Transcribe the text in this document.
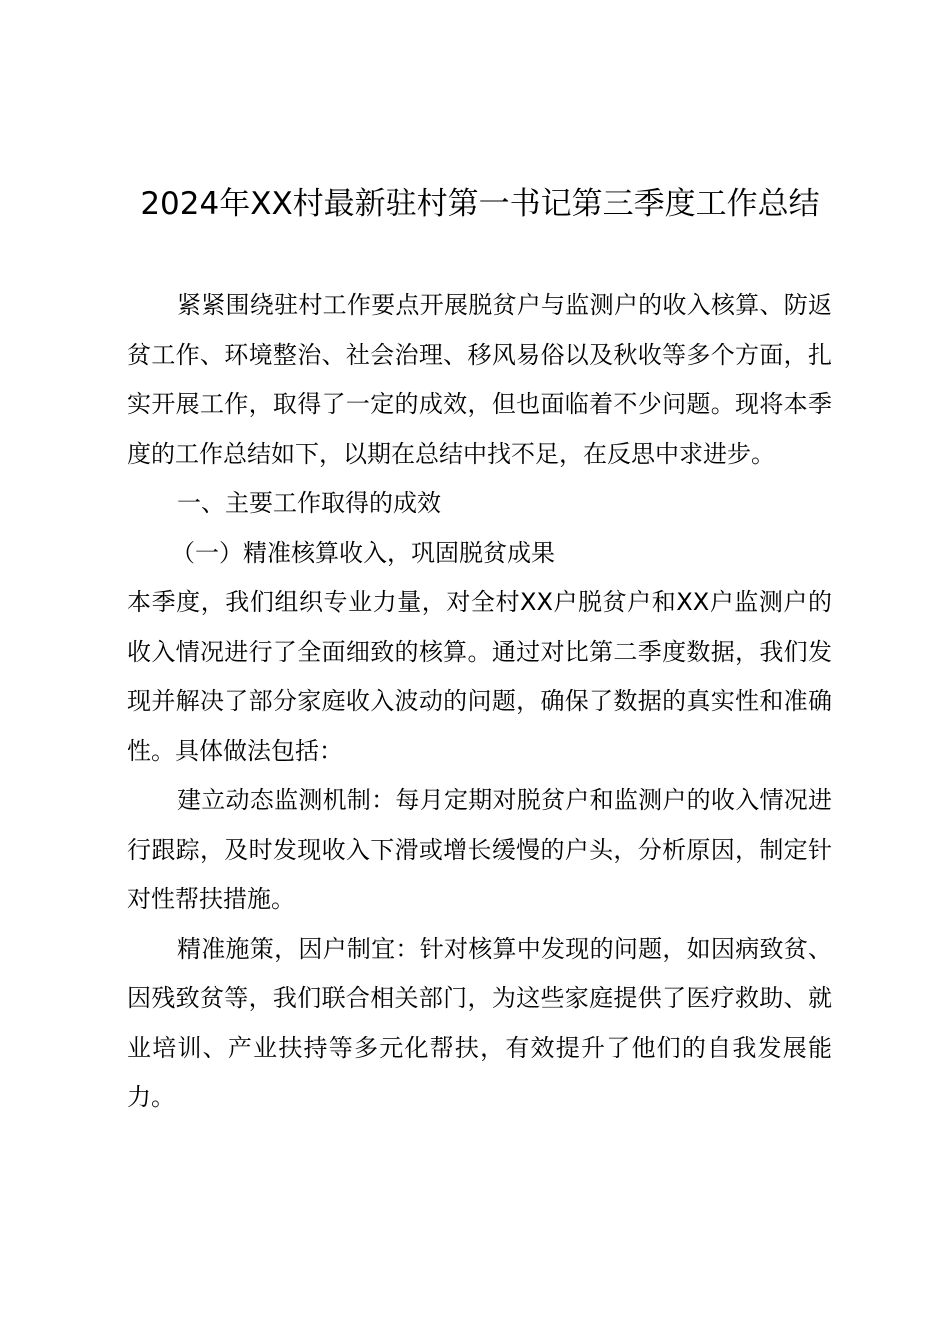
2024年XX村最新驻村第一书记第三季度工作总结

紧紧围绕驻村工作要点开展脱贫户与监测户的收入核算、防返贫工作、环境整治、社会治理、移风易俗以及秋收等多个方面，扎实开展工作，取得了一定的成效，但也面临着不少问题。现将本季度的工作总结如下，以期在总结中找不足，在反思中求进步。

一、主要工作取得的成效

（一）精准核算收入，巩固脱贫成果

本季度，我们组织专业力量，对全村XX户脱贫户和XX户监测户的收入情况进行了全面细致的核算。通过对比第二季度数据，我们发现并解决了部分家庭收入波动的问题，确保了数据的真实性和准确性。具体做法包括：

建立动态监测机制：每月定期对脱贫户和监测户的收入情况进行跟踪，及时发现收入下滑或增长缓慢的户头，分析原因，制定针对性帮扶措施。

精准施策，因户制宜：针对核算中发现的问题，如因病致贫、因残致贫等，我们联合相关部门，为这些家庭提供了医疗救助、就业培训、产业扶持等多元化帮扶，有效提升了他们的自我发展能力。
